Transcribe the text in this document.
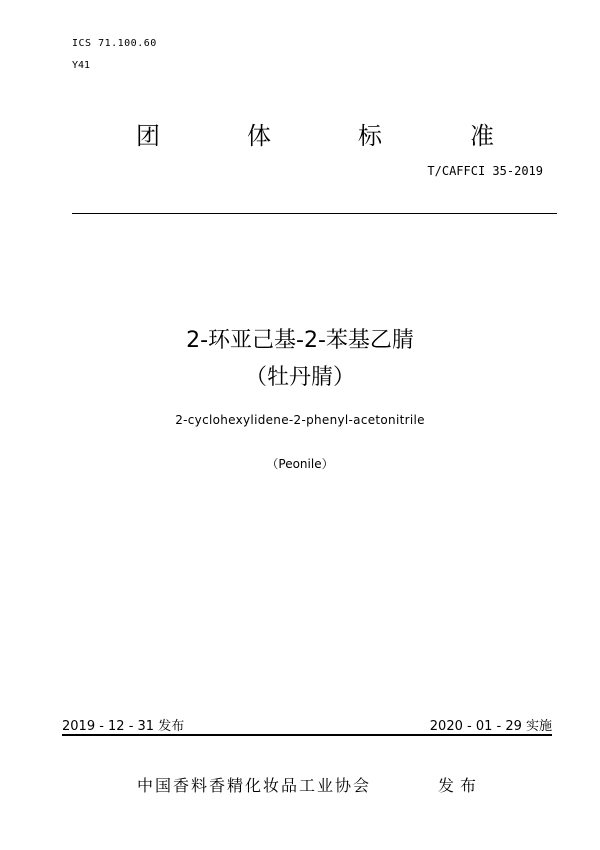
ICS 71.100.60
Y41
团	体	标	准
T/CAFFCI 35-2019
2-环亚己基-2-苯基乙腈
（牡丹腈）
2-cyclohexylidene-2-phenyl-acetonitrile
（Peonile）
2019 - 12 - 31 发布	2020 - 01 - 29 实施
中国香料香精化妆品工业协会	发布
